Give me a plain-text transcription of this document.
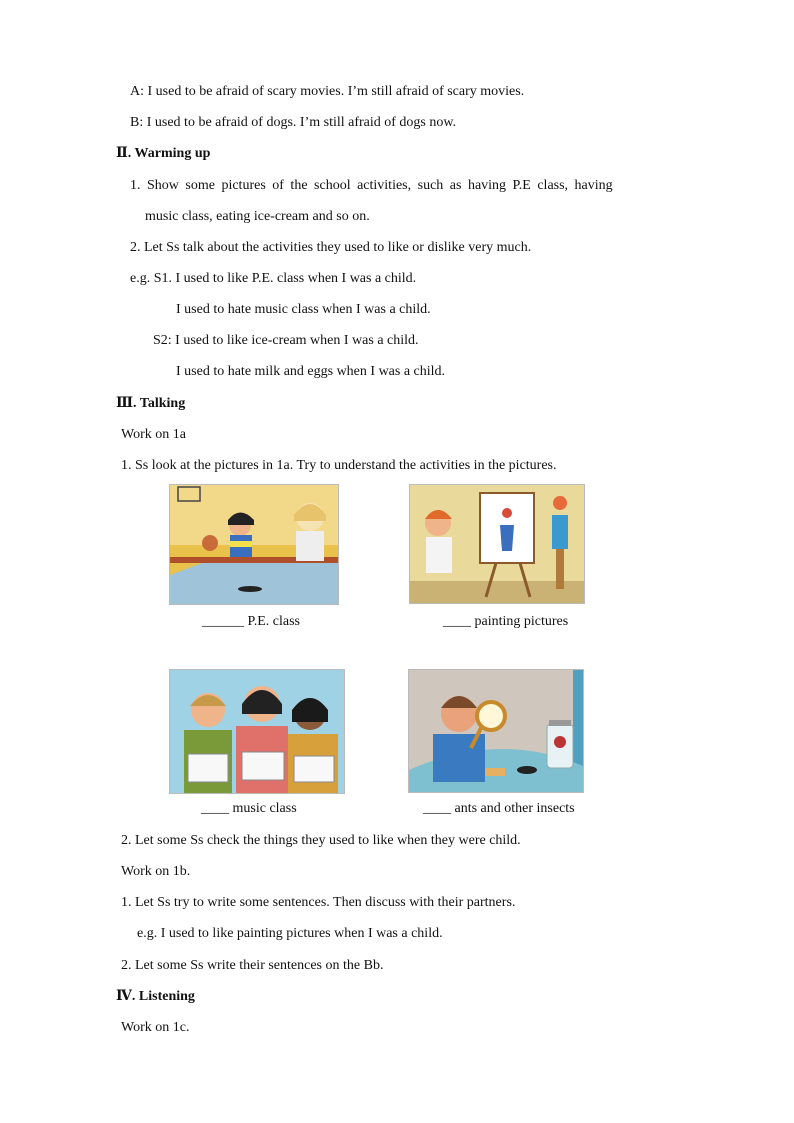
A: I used to be afraid of scary movies. I’m still afraid of scary movies.
B: I used to be afraid of dogs. I’m still afraid of dogs now.
Ⅱ. Warming up
1. Show some pictures of the school activities, such as having P.E class, having
music class, eating ice-cream and so on.
2. Let Ss talk about the activities they used to like or dislike very much.
e.g. S1. I used to like P.E. class when I was a child.
I used to hate music class when I was a child.
S2: I used to like ice-cream when I was a child.
I used to hate milk and eggs when I was a child.
Ⅲ. Talking
Work on 1a
1. Ss look at the pictures in 1a. Try to understand the activities in the pictures.
______ P.E. class	____ painting pictures
____ music class	____ ants and other insects
2. Let some Ss check the things they used to like when they were child.
Work on 1b.
1. Let Ss try to write some sentences. Then discuss with their partners.
e.g. I used to like painting pictures when I was a child.
2. Let some Ss write their sentences on the Bb.
Ⅳ. Listening
Work on 1c.
